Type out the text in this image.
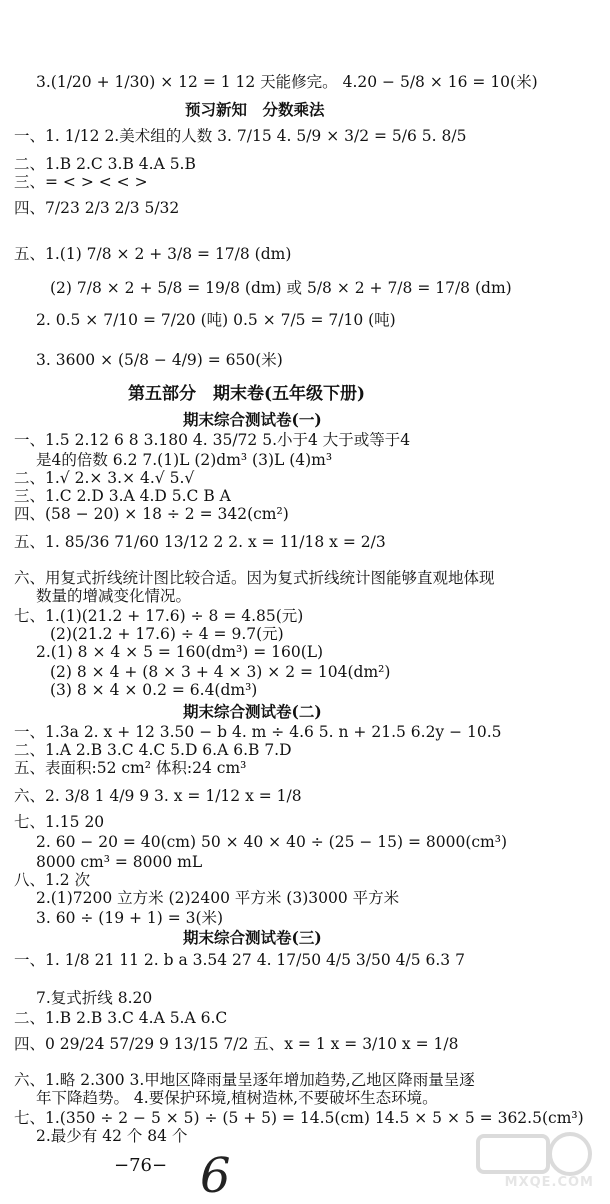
3.(1/20 + 1/30) × 12 = 1 12 天能修完。 4.20 − 5/8 × 16 = 10(米)
预习新知　分数乘法
一、1. 1/12 2.美术组的人数 3. 7/15 4. 5/9 × 3/2 = 5/6 5. 8/5
二、1.B 2.C 3.B 4.A 5.B
三、= < > < < >
四、7/23 2/3 2/3 5/32
五、1.(1) 7/8 × 2 + 3/8 = 17/8 (dm)
(2) 7/8 × 2 + 5/8 = 19/8 (dm) 或 5/8 × 2 + 7/8 = 17/8 (dm)
2. 0.5 × 7/10 = 7/20 (吨) 0.5 × 7/5 = 7/10 (吨)
3. 3600 × (5/8 − 4/9) = 650(米)
第五部分　期末卷(五年级下册)
期末综合测试卷(一)
一、1.5 2.12 6 8 3.180 4. 35/72 5.小于4 大于或等于4
是4的倍数 6.2 7.(1)L (2)dm³ (3)L (4)m³
二、1.√ 2.× 3.× 4.√ 5.√
三、1.C 2.D 3.A 4.D 5.C B A
四、(58 − 20) × 18 ÷ 2 = 342(cm²)
五、1. 85/36 71/60 13/12 2 2. x = 11/18 x = 2/3
六、用复式折线统计图比较合适。因为复式折线统计图能够直观地体现
数量的增减变化情况。
七、1.(1)(21.2 + 17.6) ÷ 8 = 4.85(元)
(2)(21.2 + 17.6) ÷ 4 = 9.7(元)
2.(1) 8 × 4 × 5 = 160(dm³) = 160(L)
(2) 8 × 4 + (8 × 3 + 4 × 3) × 2 = 104(dm²)
(3) 8 × 4 × 0.2 = 6.4(dm³)
期末综合测试卷(二)
一、1.3a 2. x + 12 3.50 − b 4. m ÷ 4.6 5. n + 21.5 6.2y − 10.5
二、1.A 2.B 3.C 4.C 5.D 6.A 6.B 7.D
五、表面积:52 cm² 体积:24 cm³
六、2. 3/8 1 4/9 9 3. x = 1/12 x = 1/8
七、1.15 20
2. 60 − 20 = 40(cm) 50 × 40 × 40 ÷ (25 − 15) = 8000(cm³)
8000 cm³ = 8000 mL
八、1.2 次
2.(1)7200 立方米 (2)2400 平方米 (3)3000 平方米
3. 60 ÷ (19 + 1) = 3(米)
期末综合测试卷(三)
一、1. 1/8 21 11 2. b a 3.54 27 4. 17/50 4/5 3/50 4/5 6.3 7
7.复式折线 8.20
二、1.B 2.B 3.C 4.A 5.A 6.C
四、0 29/24 57/29 9 13/15 7/2 五、x = 1 x = 3/10 x = 1/8
六、1.略 2.300 3.甲地区降雨量呈逐年增加趋势,乙地区降雨量呈逐
年下降趋势。 4.要保护环境,植树造林,不要破坏生态环境。
七、1.(350 ÷ 2 − 5 × 5) ÷ (5 + 5) = 14.5(cm) 14.5 × 5 × 5 = 362.5(cm³)
2.最少有 42 个 84 个
−76− 6	MXQE.COM
